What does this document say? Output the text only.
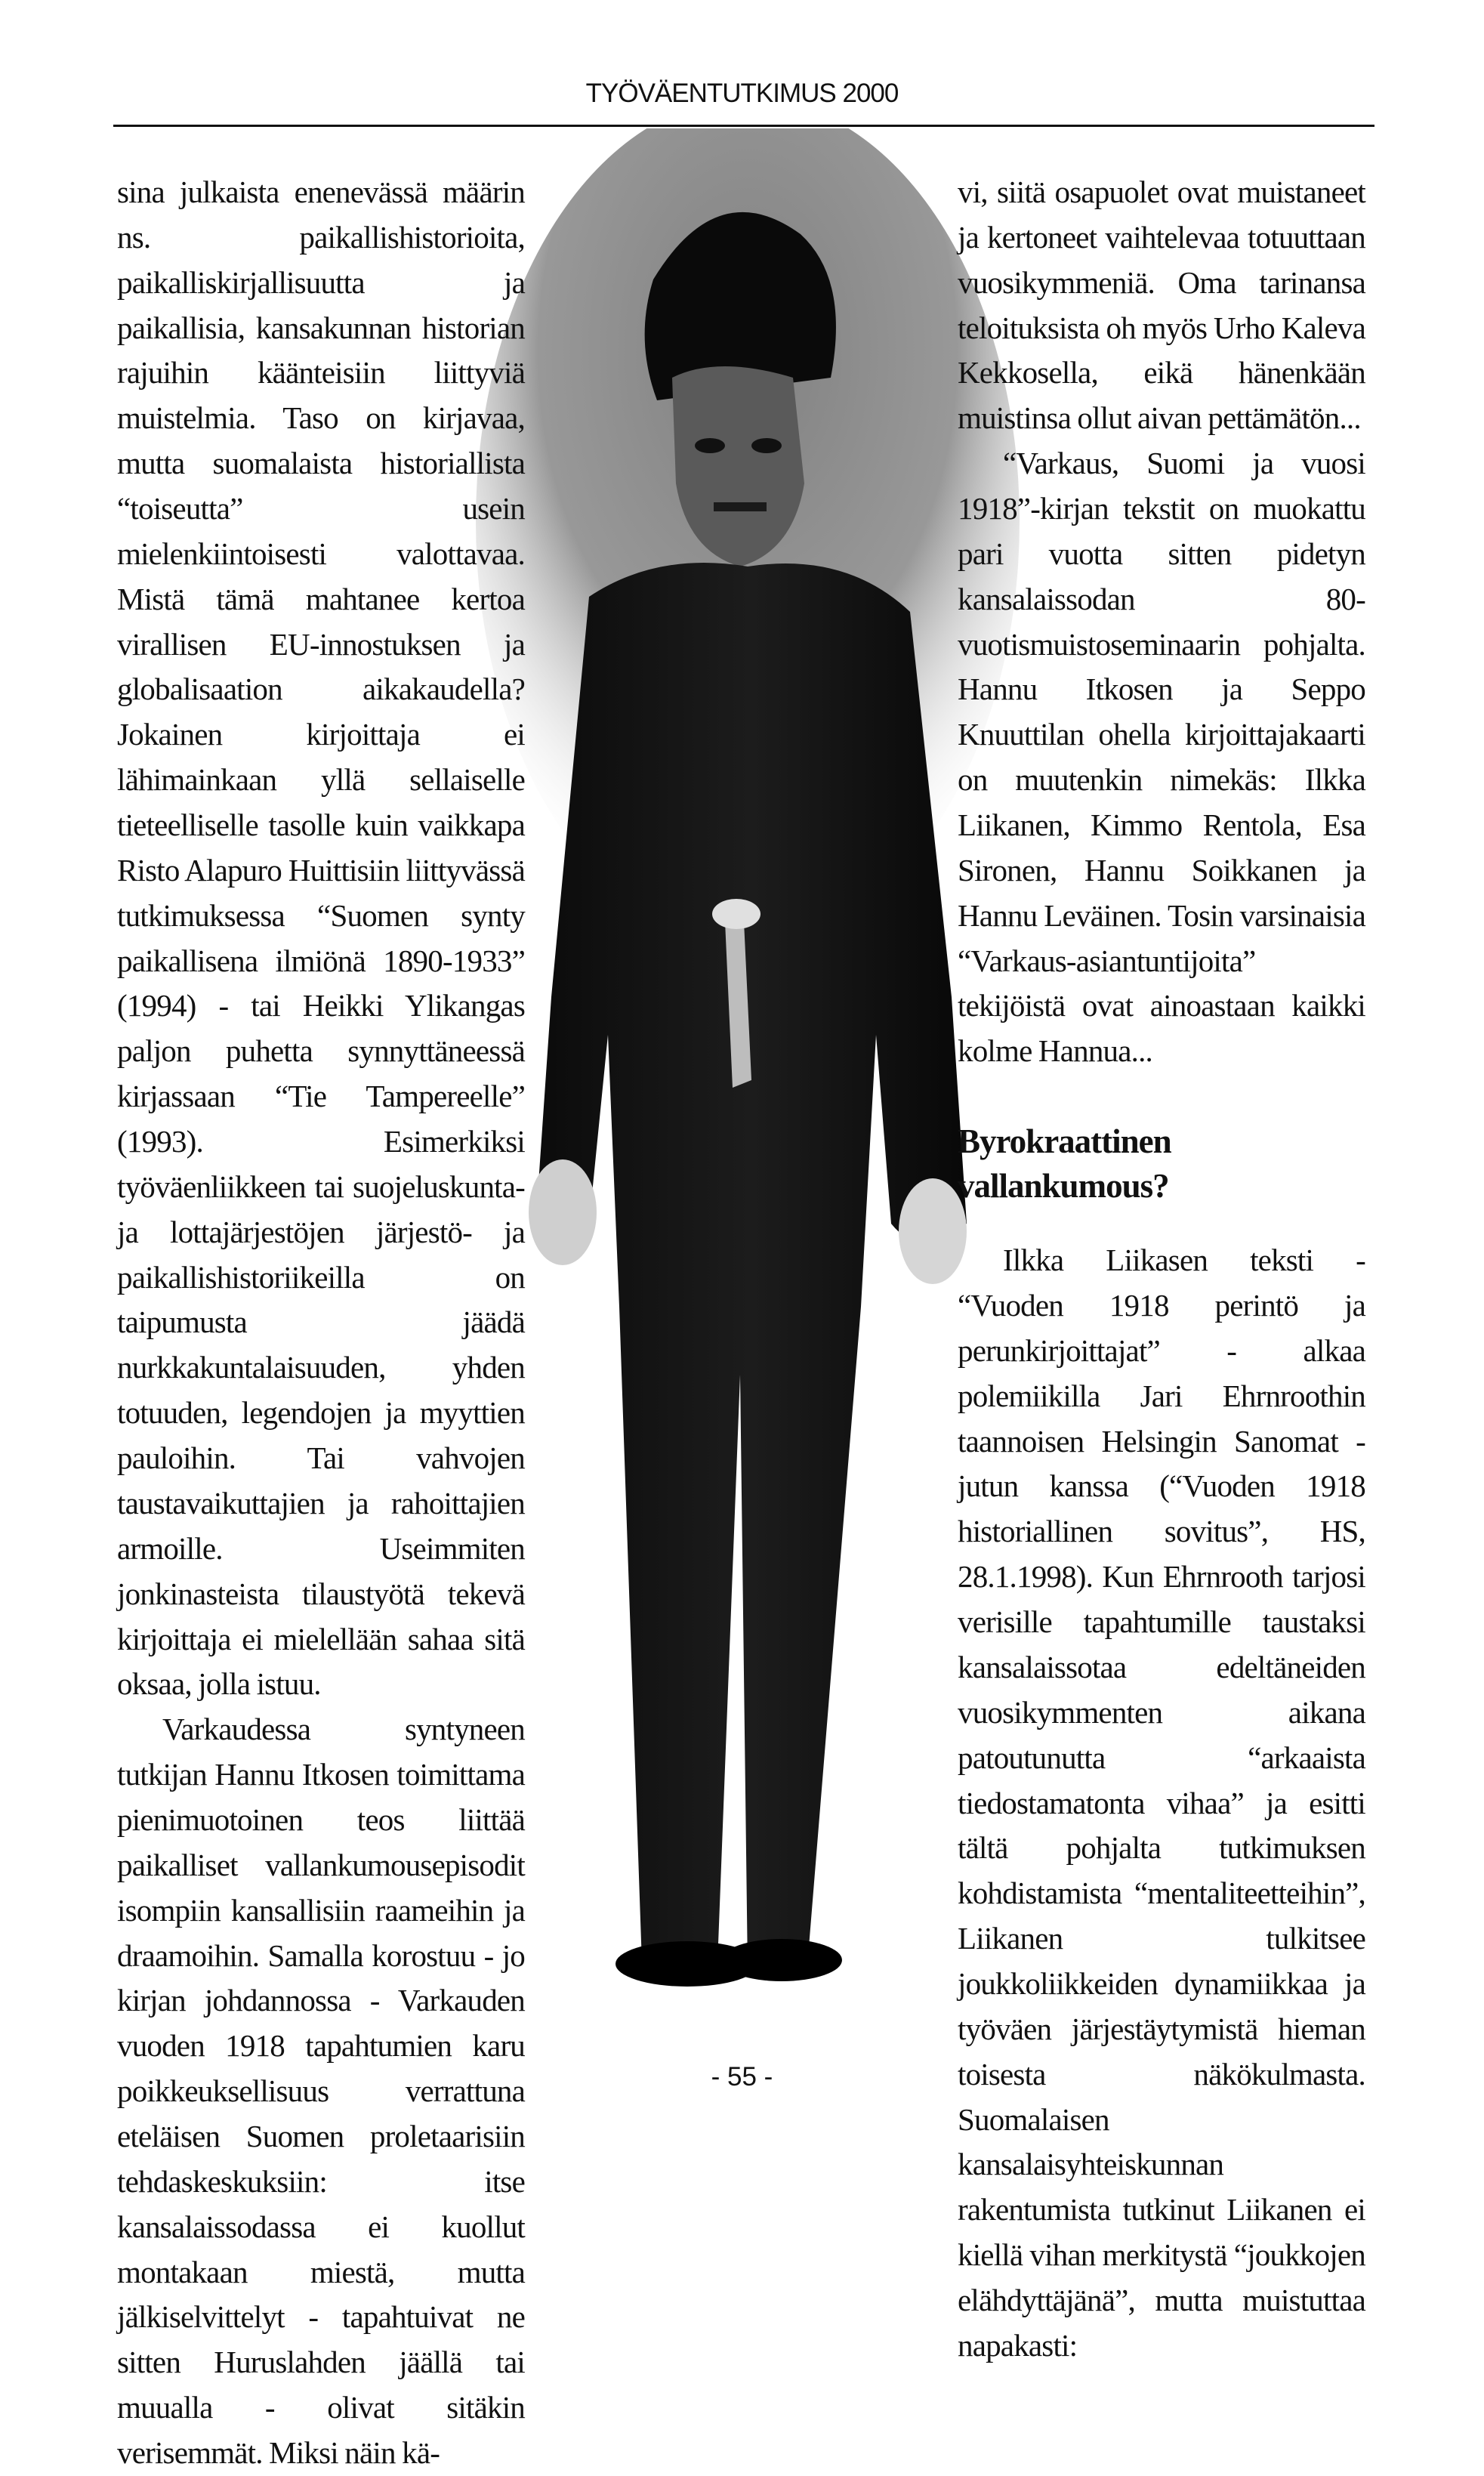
TYÖVÄENTUTKIMUS 2000

sina julkaista enenevässä määrin ns. paikallishistorioita, paikalliskirjallisuutta ja paikallisia, kansakunnan historian rajuihin käänteisiin liittyviä muistelmia. Taso on kirjavaa, mutta suomalaista historiallista “toiseutta” usein mielenkiintoisesti valottavaa. Mistä tämä mahtanee kertoa virallisen EU-innostuksen ja globalisaation aikakaudella? Jokainen kirjoittaja ei lähimainkaan yllä sellaiselle tieteelliselle tasolle kuin vaikkapa Risto Alapuro Huittisiin liittyvässä tutkimuksessa “Suomen synty paikallisena ilmiönä 1890-1933” (1994) - tai Heikki Ylikangas paljon puhetta synnyttäneessä kirjassaan “Tie Tampereelle” (1993). Esimerkiksi työväenliikkeen tai suojeluskunta- ja lottajärjestöjen järjestö- ja paikallishistoriikeilla on taipumusta jäädä nurkkakuntalaisuuden, yhden totuuden, legendojen ja myyttien pauloihin. Tai vahvojen taustavaikuttajien ja rahoittajien armoille. Useimmiten jonkinasteista tilaustyötä tekevä kirjoittaja ei mielellään sahaa sitä oksaa, jolla istuu.

Varkaudessa syntyneen tutkijan Hannu Itkosen toimittama pienimuotoinen teos liittää paikalliset vallankumousepisodit isompiin kansallisiin raameihin ja draamoihin. Samalla korostuu - jo kirjan johdannossa - Varkauden vuoden 1918 tapahtumien karu poikkeuksellisuus verrattuna eteläisen Suomen proletaarisiin tehdaskeskuksiin: itse kansalaissodassa ei kuollut montakaan miestä, mutta jälkiselvittelyt - tapahtuivat ne sitten Huruslahden jäällä tai muualla - olivat sitäkin verisemmät. Miksi näin kä-

vi, siitä osapuolet ovat muistaneet ja kertoneet vaihtelevaa totuuttaan vuosikymmeniä. Oma tarinansa teloituksista oh myös Urho Kaleva Kekkosella, eikä hänenkään muistinsa ollut aivan pettämätön...

“Varkaus, Suomi ja vuosi 1918”-kirjan tekstit on muokattu pari vuotta sitten pidetyn kansalaissodan 80-vuotismuistoseminaarin pohjalta. Hannu Itkosen ja Seppo Knuuttilan ohella kirjoittajakaarti on muutenkin nimekäs: Ilkka Liikanen, Kimmo Rentola, Esa Sironen, Hannu Soikkanen ja Hannu Leväinen. Tosin varsinaisia “Varkaus-asiantuntijoita” tekijöistä ovat ainoastaan kaikki kolme Hannua...

Byrokraattinen vallankumous?

Ilkka Liikasen teksti - “Vuoden 1918 perintö ja perunkirjoittajat” - alkaa polemiikilla Jari Ehrnroothin taannoisen Helsingin Sanomat -jutun kanssa (“Vuoden 1918 historiallinen sovitus”, HS, 28.1.1998). Kun Ehrnrooth tarjosi verisille tapahtumille taustaksi kansalaissotaa edeltäneiden vuosikymmenten aikana patoutunutta “arkaaista tiedostamatonta vihaa” ja esitti tältä pohjalta tutkimuksen kohdistamista “mentaliteetteihin”, Liikanen tulkitsee joukkoliikkeiden dynamiikkaa ja työväen järjestäytymistä hieman toisesta näkökulmasta. Suomalaisen kansalaisyhteiskunnan rakentumista tutkinut Liikanen ei kiellä vihan merkitystä “joukkojen elähdyttäjänä”, mutta muistuttaa napakasti:

- 55 -
